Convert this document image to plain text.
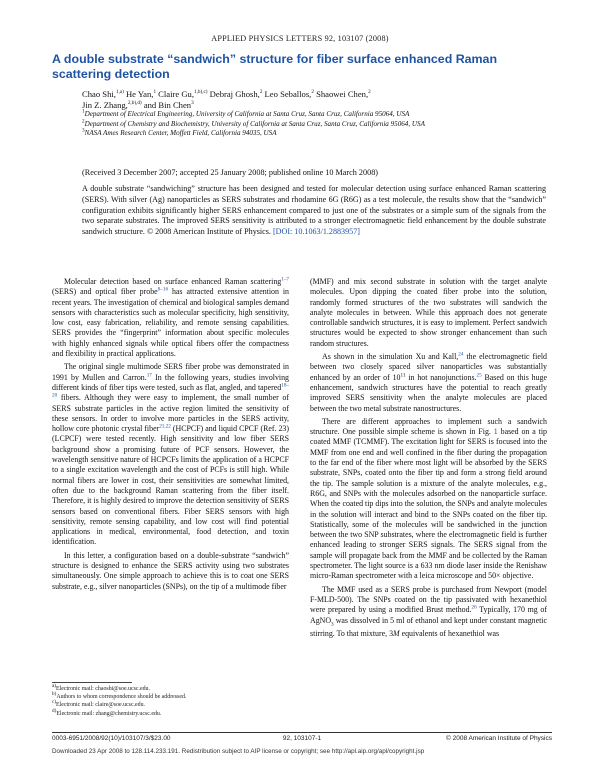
APPLIED PHYSICS LETTERS 92, 103107 (2008)
A double substrate “sandwich” structure for fiber surface enhanced Raman scattering detection
Chao Shi,$^{1,a)}$ He Yan,$^1$ Claire Gu,$^{1,b),c)}$ Debraj Ghosh,$^2$ Leo Seballos,$^2$ Shaowei Chen,$^2$
Jin Z. Zhang,$^{2,b),d)}$ and Bin Chen$^3$
$^1$Department of Electrical Engineering, University of California at Santa Cruz, Santa Cruz, California 95064, USA
$^2$Department of Chemistry and Biochemistry, University of California at Santa Cruz, Santa Cruz, California 95064, USA
$^3$NASA Ames Research Center, Moffett Field, California 94035, USA
(Received 3 December 2007; accepted 25 January 2008; published online 10 March 2008)
A double substrate “sandwiching” structure has been designed and tested for molecular detection using surface enhanced Raman scattering (SERS). With silver (Ag) nanoparticles as SERS substrates and rhodamine 6G (R6G) as a test molecule, the results show that the “sandwich” configuration exhibits significantly higher SERS enhancement compared to just one of the substrates or a simple sum of the signals from the two separate substrates. The improved SERS sensitivity is attributed to a stronger electromagnetic field enhancement by the double substrate sandwich structure. © 2008 American Institute of Physics. [DOI: 10.1063/1.2883957]

Molecular detection based on surface enhanced Raman scattering$^{1-7}$ (SERS) and optical fiber probe$^{8-16}$ has attracted extensive attention in recent years. The investigation of chemical and biological samples demand sensors with characteristics such as molecular specificity, high sensitivity, low cost, easy fabrication, reliability, and remote sensing capabilities. SERS provides the “fingerprint” information about specific molecules with highly enhanced signals while optical fibers offer the compactness and flexibility in practical applications.

The original single multimode SERS fiber probe was demonstrated in 1991 by Mullen and Carron.$^{17}$ In the following years, studies involving different kinds of fiber tips were tested, such as flat, angled, and tapered$^{18-20}$ fibers. Although they were easy to implement, the small number of SERS substrate particles in the active region limited the sensitivity of these sensors. In order to involve more particles in the SERS activity, hollow core photonic crystal fiber$^{21,22}$ (HCPCF) and liquid CPCF (Ref. 23) (LCPCF) were tested recently. High sensitivity and low fiber SERS background show a promising future of PCF sensors. However, the wavelength sensitive nature of HCPCFs limits the application of a HCPCF to a single excitation wavelength and the cost of PCFs is still high. While normal fibers are lower in cost, their sensitivities are somewhat limited, often due to the background Raman scattering from the fiber itself. Therefore, it is highly desired to improve the detection sensitivity of SERS sensors based on conventional fibers. Fiber SERS sensors with high sensitivity, remote sensing capability, and low cost will find potential applications in medical, environmental, food detection, and toxin identification.

In this letter, a configuration based on a double-substrate “sandwich” structure is designed to enhance the SERS activity using two substrates simultaneously. One simple approach to achieve this is to coat one SERS substrate, e.g., silver nanoparticles (SNPs), on the tip of a multimode fiber

(MMF) and mix second substrate in solution with the target analyte molecules. Upon dipping the coated fiber probe into the solution, randomly formed structures of the two substrates will sandwich the analyte molecules in between. While this approach does not generate controllable sandwich structures, it is easy to implement. Perfect sandwich structures would be expected to show stronger enhancement than such random structures.

As shown in the simulation Xu and Kall,$^{24}$ the electromagnetic field between two closely spaced silver nanoparticles was substantially enhanced by an order of $10^{11}$ in hot nanojunctions.$^{25}$ Based on this huge enhancement, sandwich structures have the potential to reach greatly improved SERS sensitivity when the analyte molecules are placed between the two metal substrate nanostructures.

There are different approaches to implement such a sandwich structure. One possible simple scheme is shown in Fig. 1 based on a tip coated MMF (TCMMF). The excitation light for SERS is focused into the MMF from one end and well confined in the fiber during the propagation to the far end of the fiber where most light will be absorbed by the SERS substrate, SNPs, coated onto the fiber tip and form a strong field around the tip. The sample solution is a mixture of the analyte molecules, e.g., R6G, and SNPs with the molecules adsorbed on the nanoparticle surface. When the coated tip dips into the solution, the SNPs and analyte molecules in the solution will interact and bind to the SNPs coated on the fiber tip. Statistically, some of the molecules will be sandwiched in the junction between the two SNP substrates, where the electromagnetic field is further enhanced leading to stronger SERS signals. The SERS signal from the sample will propagate back from the MMF and be collected by the Raman spectrometer. The light source is a 633 nm diode laser inside the Renishaw micro-Raman spectrometer with a leica microscope and 50× objective.

The MMF used as a SERS probe is purchased from Newport (model F-MLD-500). The SNPs coated on the tip passivated with hexanethiol were prepared by using a modified Brust method.$^{26}$ Typically, 170 mg of AgNO$_3$ was dissolved in 5 ml of ethanol and kept under constant magnetic stirring. To that mixture, 3M equivalents of hexanethiol was

$^{a)}$Electronic mail: chaoshi@soe.ucsc.edu.
$^{b)}$Authors to whom correspondence should be addressed.
$^{c)}$Electronic mail: claire@soe.ucsc.edu.
$^{d)}$Electronic mail: zhang@chemistry.ucsc.edu.
0003-6951/2008/92(10)/103107/3/$23.00	92, 103107-1	© 2008 American Institute of Physics
Downloaded 23 Apr 2008 to 128.114.233.191. Redistribution subject to AIP license or copyright; see http://apl.aip.org/apl/copyright.jsp
